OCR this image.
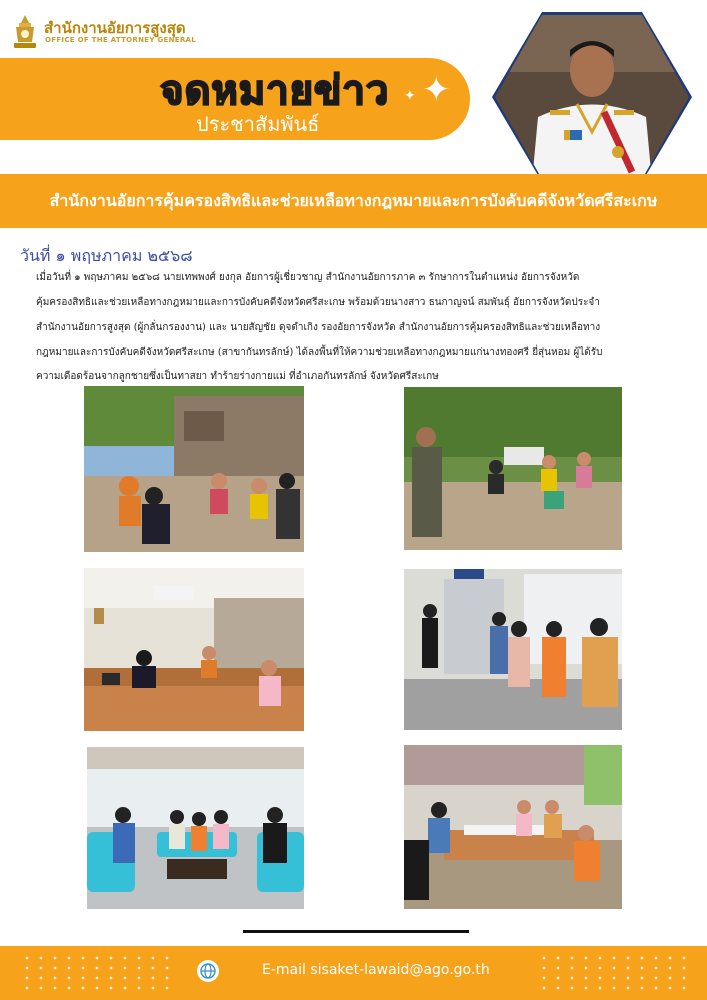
สำนักงานอัยการสูงสุด
OFFICE OF THE ATTORNEY GENERAL
จดหมายข่าว
ประชาสัมพันธ์
✦
✦
สำนักงานอัยการคุ้มครองสิทธิและช่วยเหลือทางกฎหมายและการบังคับคดีจังหวัดศรีสะเกษ
วันที่ ๑ พฤษภาคม ๒๕๖๘
เมื่อวันที่ ๑ พฤษภาคม ๒๕๖๘ นายเทพพงศ์ ยงกุล อัยการผู้เชี่ยวชาญ สำนักงานอัยการภาค ๓ รักษาการในตำแหน่ง อัยการจังหวัด
คุ้มครองสิทธิและช่วยเหลือทางกฎหมายและการบังคับคดีจังหวัดศรีสะเกษ พร้อมด้วยนางสาว ธนกาญจน์ สมพันธุ์ อัยการจังหวัดประจำ
สำนักงานอัยการสูงสุด (ผู้กลั่นกรองงาน) และ นายสัญชัย ดุจดำเกิง รองอัยการจังหวัด สำนักงานอัยการคุ้มครองสิทธิและช่วยเหลือทาง
กฎหมายและการบังคับคดีจังหวัดศรีสะเกษ (สาขากันทรลักษ์) ได้ลงพื้นที่ให้ความช่วยเหลือทางกฎหมายแก่นางทองศรี ยี่สุ่นหอม ผู้ได้รับ
ความเดือดร้อนจากลูกชายซึ่งเป็นทาสยา ทำร้ายร่างกายแม่ ที่อำเภอกันทรลักษ์ จังหวัดศรีสะเกษ
E-mail sisaket-lawaid@ago.go.th
